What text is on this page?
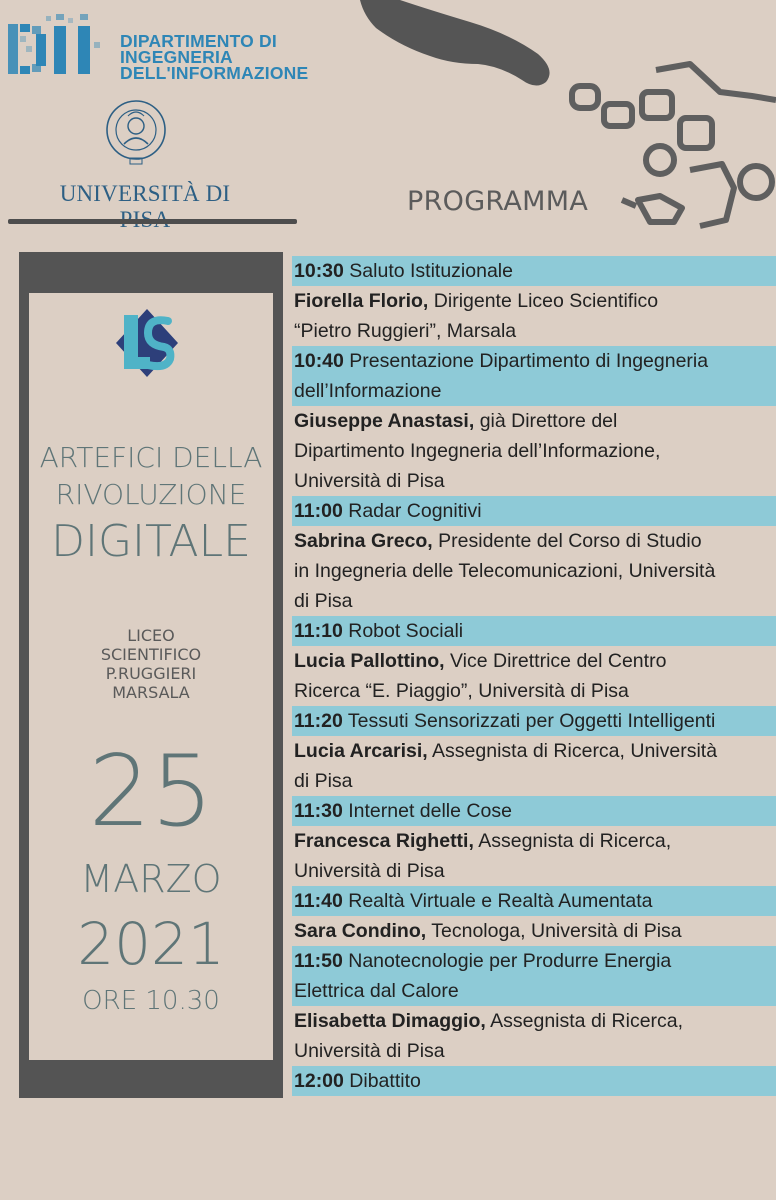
DII
DIPARTIMENTO DI
INGEGNERIA
DELL'INFORMAZIONE
UNIVERSITÀ DI	PROGRAMMA
LS
ARTEFICI DELLA
RIVOLUZIONE
DIGITALE
LICEO
SCIENTIFICO
P.RUGGIERI
MARSALA
25
MARZO
2021
ORE 10.30
10:30 Saluto Istituzionale
Fiorella Florio, Dirigente Liceo Scientifico
“Pietro Ruggieri”, Marsala
10:40 Presentazione Dipartimento di Ingegneria
dell’Informazione
Giuseppe Anastasi, già Direttore del
Dipartimento Ingegneria dell’Informazione,
Università di Pisa
11:00 Radar Cognitivi
Sabrina Greco, Presidente del Corso di Studio
in Ingegneria delle Telecomunicazioni, Università
di Pisa
11:10 Robot Sociali
Lucia Pallottino, Vice Direttrice del Centro
Ricerca “E. Piaggio”, Università di Pisa
11:20 Tessuti Sensorizzati per Oggetti Intelligenti
Lucia Arcarisi, Assegnista di Ricerca, Università
di Pisa
11:30 Internet delle Cose
Francesca Righetti, Assegnista di Ricerca,
Università di Pisa
11:40 Realtà Virtuale e Realtà Aumentata
Sara Condino, Tecnologa, Università di Pisa
11:50 Nanotecnologie per Produrre Energia
Elettrica dal Calore
Elisabetta Dimaggio, Assegnista di Ricerca,
Università di Pisa
12:00 Dibattito
